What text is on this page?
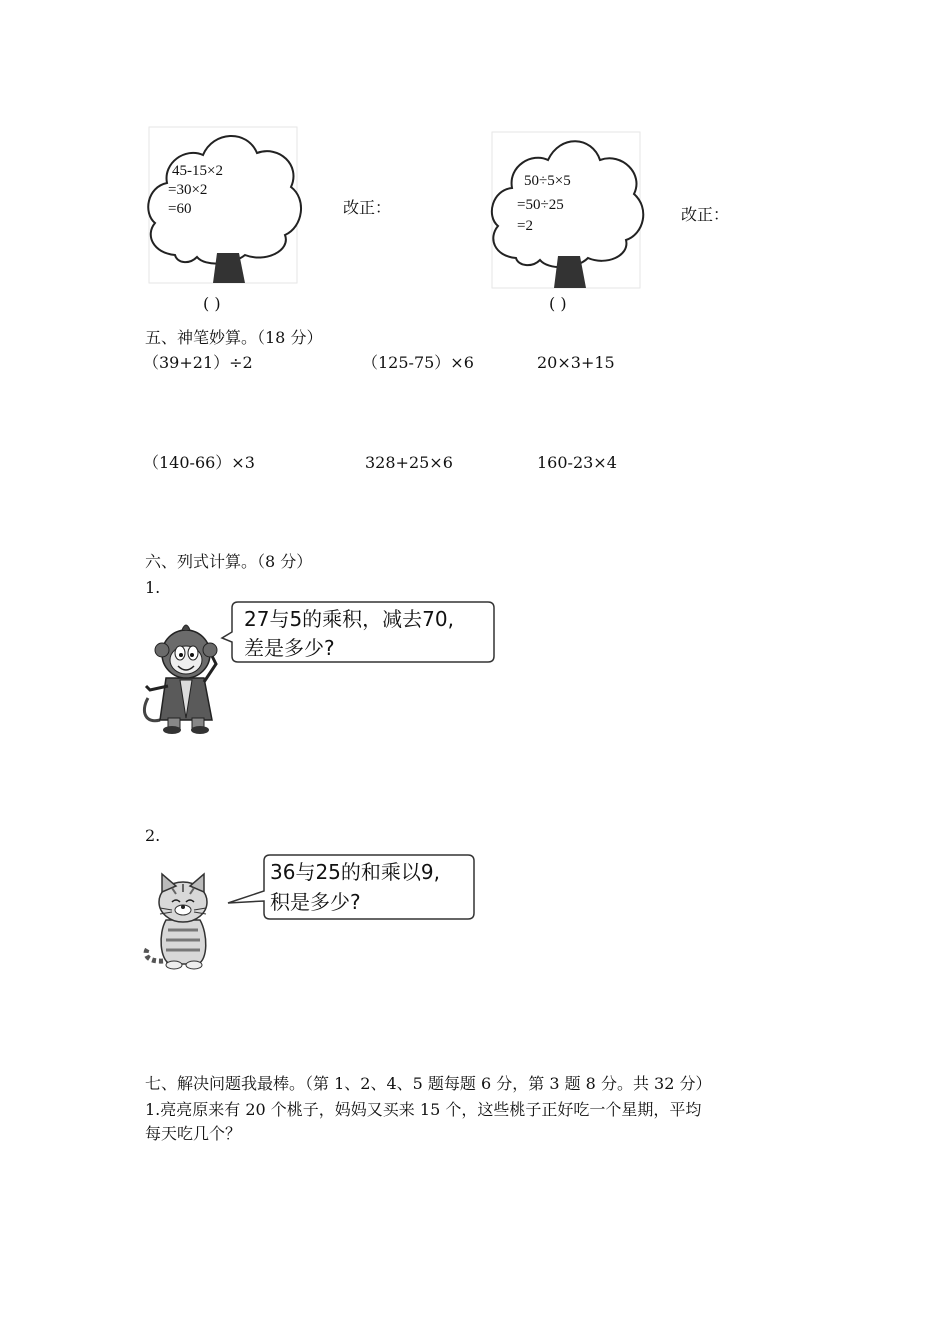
45-15×2
=30×2
=60
( )
改正：
50÷5×5
=50÷25
=2
( )
改正：
五、神笔妙算。（18 分）
（39+21）÷2	（125-75）×6	20×3+15
（140-66）×3	328+25×6	160-23×4
六、列式计算。（8 分）
1.
27与5的乘积，减去70,
差是多少?
2.
36与25的和乘以9,
积是多少?
七、解决问题我最棒。（第 1、2、4、5 题每题 6 分，第 3 题 8 分。共 32 分）
1.亮亮原来有 20 个桃子，妈妈又买来 15 个，这些桃子正好吃一个星期，平均
每天吃几个？
